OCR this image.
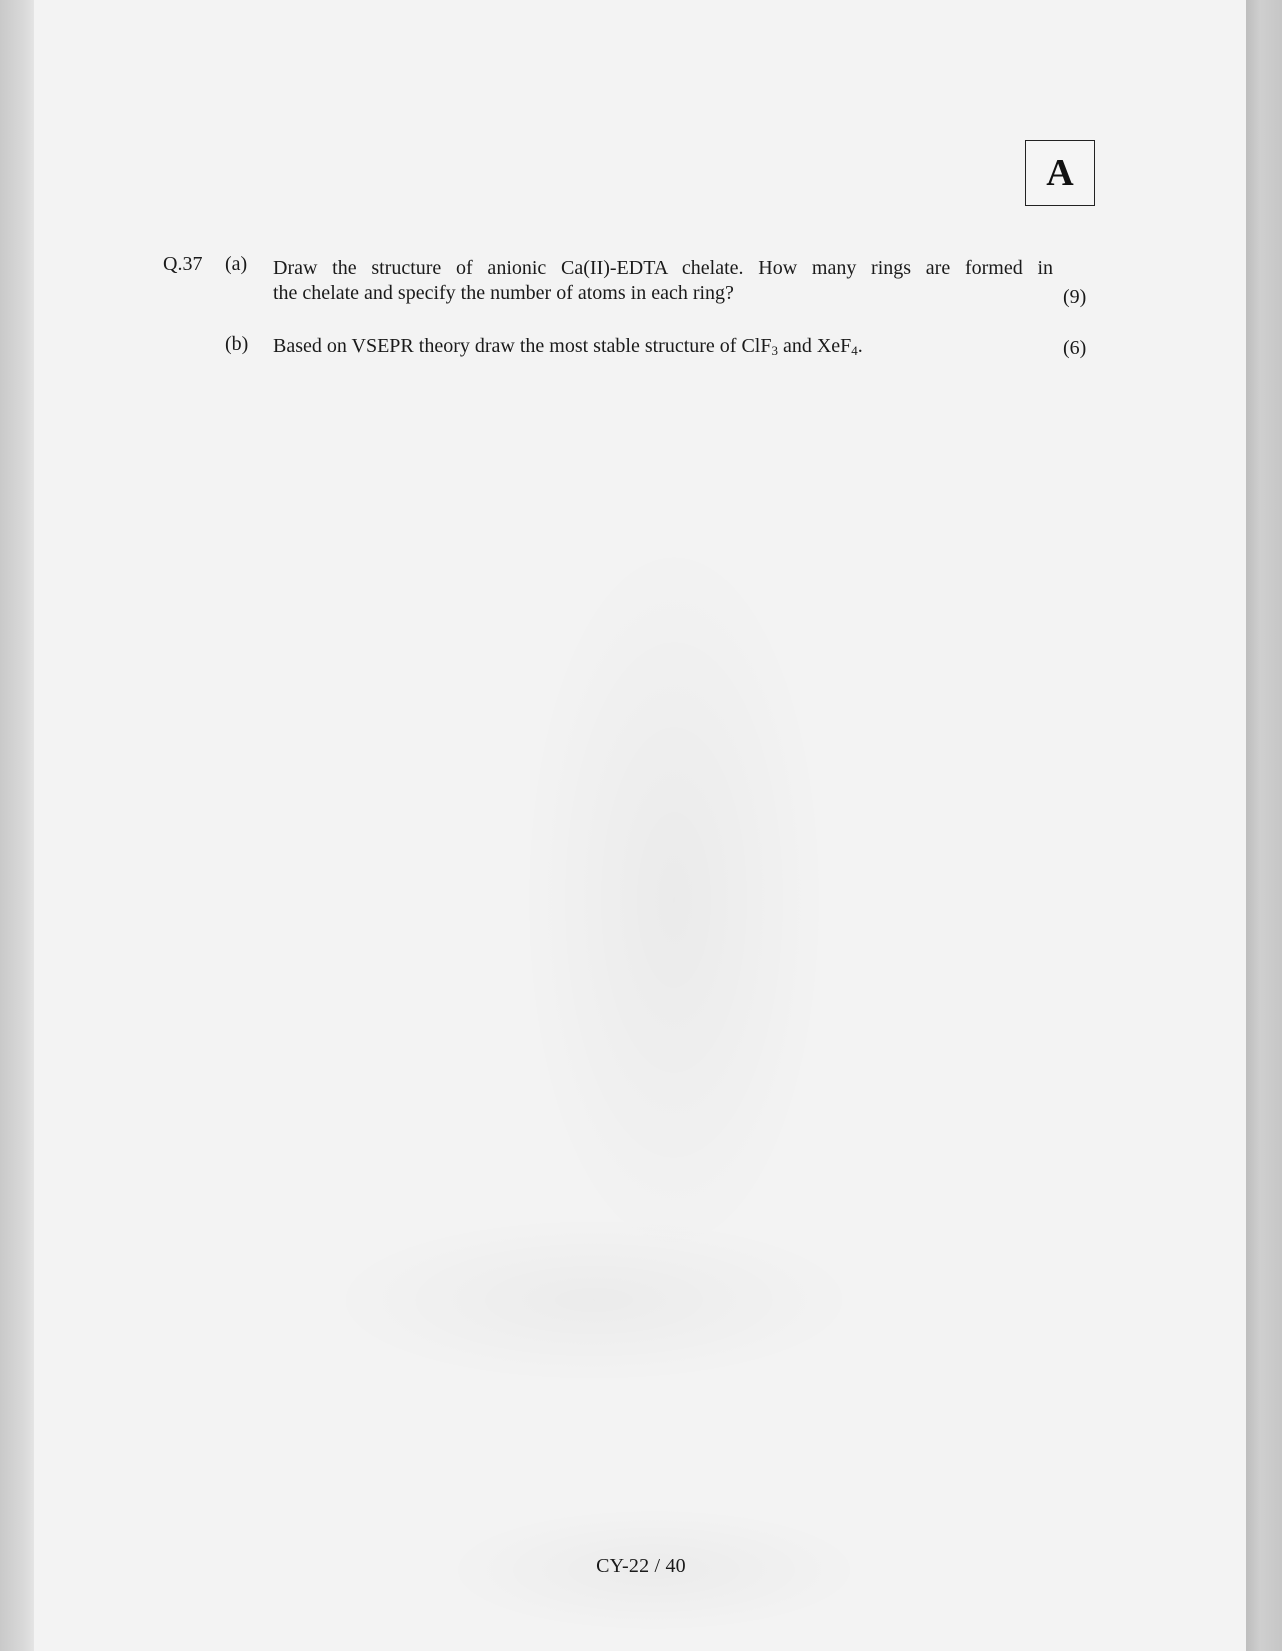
A
Q.37 (a) Draw the structure of anionic Ca(II)-EDTA chelate. How many rings are formed in
the chelate and specify the number of atoms in each ring?	(9)
(b) Based on VSEPR theory draw the most stable structure of ClF$_3$ and XeF$_4$.	(6)
CY-22 / 40
